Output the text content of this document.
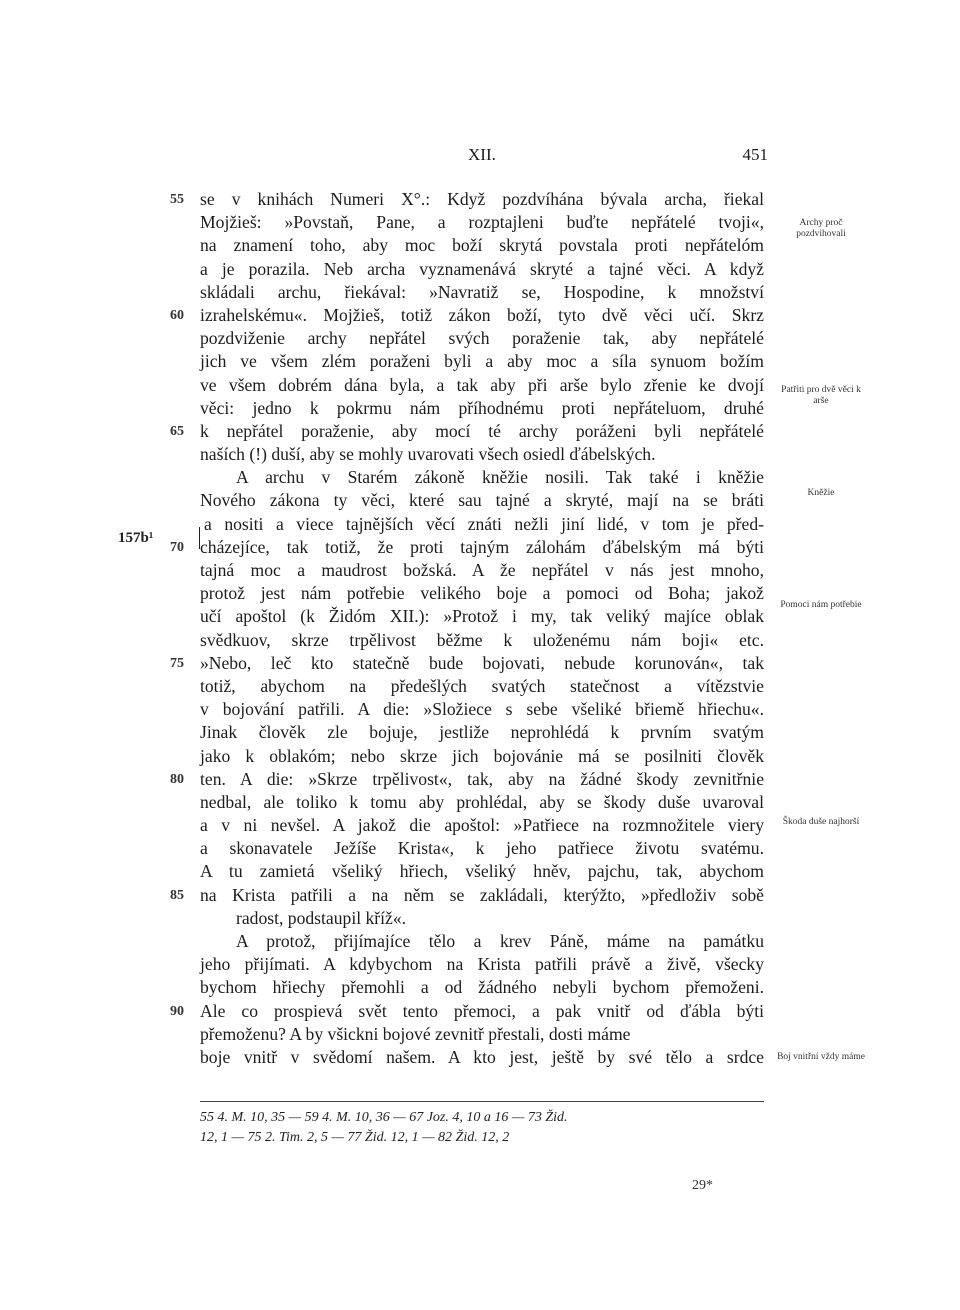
XII.	451
55 se v knihách Numeri X°.: Když pozdvíhána bývala archa, řiekal
Mojžieš: »Povstaň, Pane, a rozptajleni buďte nepřátelé tvoji«,
na znamení toho, aby moc boží skrytá povstala proti nepřátelóm
a je porazila. Neb archa vyznamenává skryté a tajné věci. A když
skládali archu, řiekával: »Navratiž se, Hospodine, k množství
60 izrahelskému«. Mojžieš, totiž zákon boží, tyto dvě věci učí. Skrz
pozdviženie archy nepřátel svých poraženie tak, aby nepřátelé
jich ve všem zlém poraženi byli a aby moc a síla synuom božím
ve všem dobrém dána byla, a tak aby při arše bylo zřenie ke dvojí
věci: jedno k pokrmu nám příhodnému proti nepřáteluom, druhé
65 k nepřátel poraženie, aby mocí té archy poráženi byli nepřátelé
naších (!) duší, aby se mohly uvarovati všech osiedl ďábelských.
A archu v Starém zákoně kněžie nosili. Tak také i kněžie
Nového zákona ty věci, které sau tajné a skryté, mají na se bráti
a nositi a viece tajnějších věcí znáti nežli jiní lidé, v tom je před-
70 cházejíce, tak totiž, že proti tajným zálohám ďábelským má býti
tajná moc a maudrost božská. A že nepřátel v nás jest mnoho,
protož jest nám potřebie velikého boje a pomoci od Boha; jakož
učí apoštol (k Židóm XII.): »Protož i my, tak veliký majíce oblak
svědkuov, skrze trpělivost běžme k uloženému nám boji« etc.
75 »Nebo, leč kto statečně bude bojovati, nebude korunován«, tak
totiž, abychom na předešlých svatých statečnost a vítězstvie
v bojování patřili. A die: »Složiece s sebe všeliké břiemě hřiechu«.
Jinak člověk zle bojuje, jestliže neprohlédá k prvním svatým
jako k oblakóm; nebo skrze jich bojovánie má se posilniti člověk
80 ten. A die: »Skrze trpělivost«, tak, aby na žádné škody zevnitřnie
nedbal, ale toliko k tomu aby prohlédal, aby se škody duše uvaroval
a v ni nevšel. A jakož die apoštol: »Patřiece na rozmnožitele viery
a skonavatele Ježíše Krista«, k jeho patřiece životu svatému.
A tu zamietá všeliký hřiech, všeliký hněv, pajchu, tak, abychom
85 na Krista patřili a na něm se zakládali, kterýžto, »předloživ sobě
radost, podstaupil kříž«.
A protož, přijímajíce tělo a krev Páně, máme na památku
jeho přijímati. A kdybychom na Krista patřili právě a živě, všecky
bychom hřiechy přemohli a od žádného nebyli bychom přemoženi.
90 Ale co prospievá svět tento přemoci, a pak vnitř od ďábla býti
přemoženu? A by všickni bojové zevnitř přestali, dosti máme
boje vnitř v svědomí našem. A kto jest, ještě by své tělo a srdce
157b¹
Archy proč pozdvihovali
Patřiti pro dvě věci k arše
Kněžie
Pomoci nám potřebie
Škoda duše najhorší
Boj vnitřní vždy máme
55 4. M. 10, 35 — 59 4. M. 10, 36 — 67 Joz. 4, 10 a 16 — 73 Žid.
12, 1 — 75 2. Tim. 2, 5 — 77 Žid. 12, 1 — 82 Žid. 12, 2
29*
